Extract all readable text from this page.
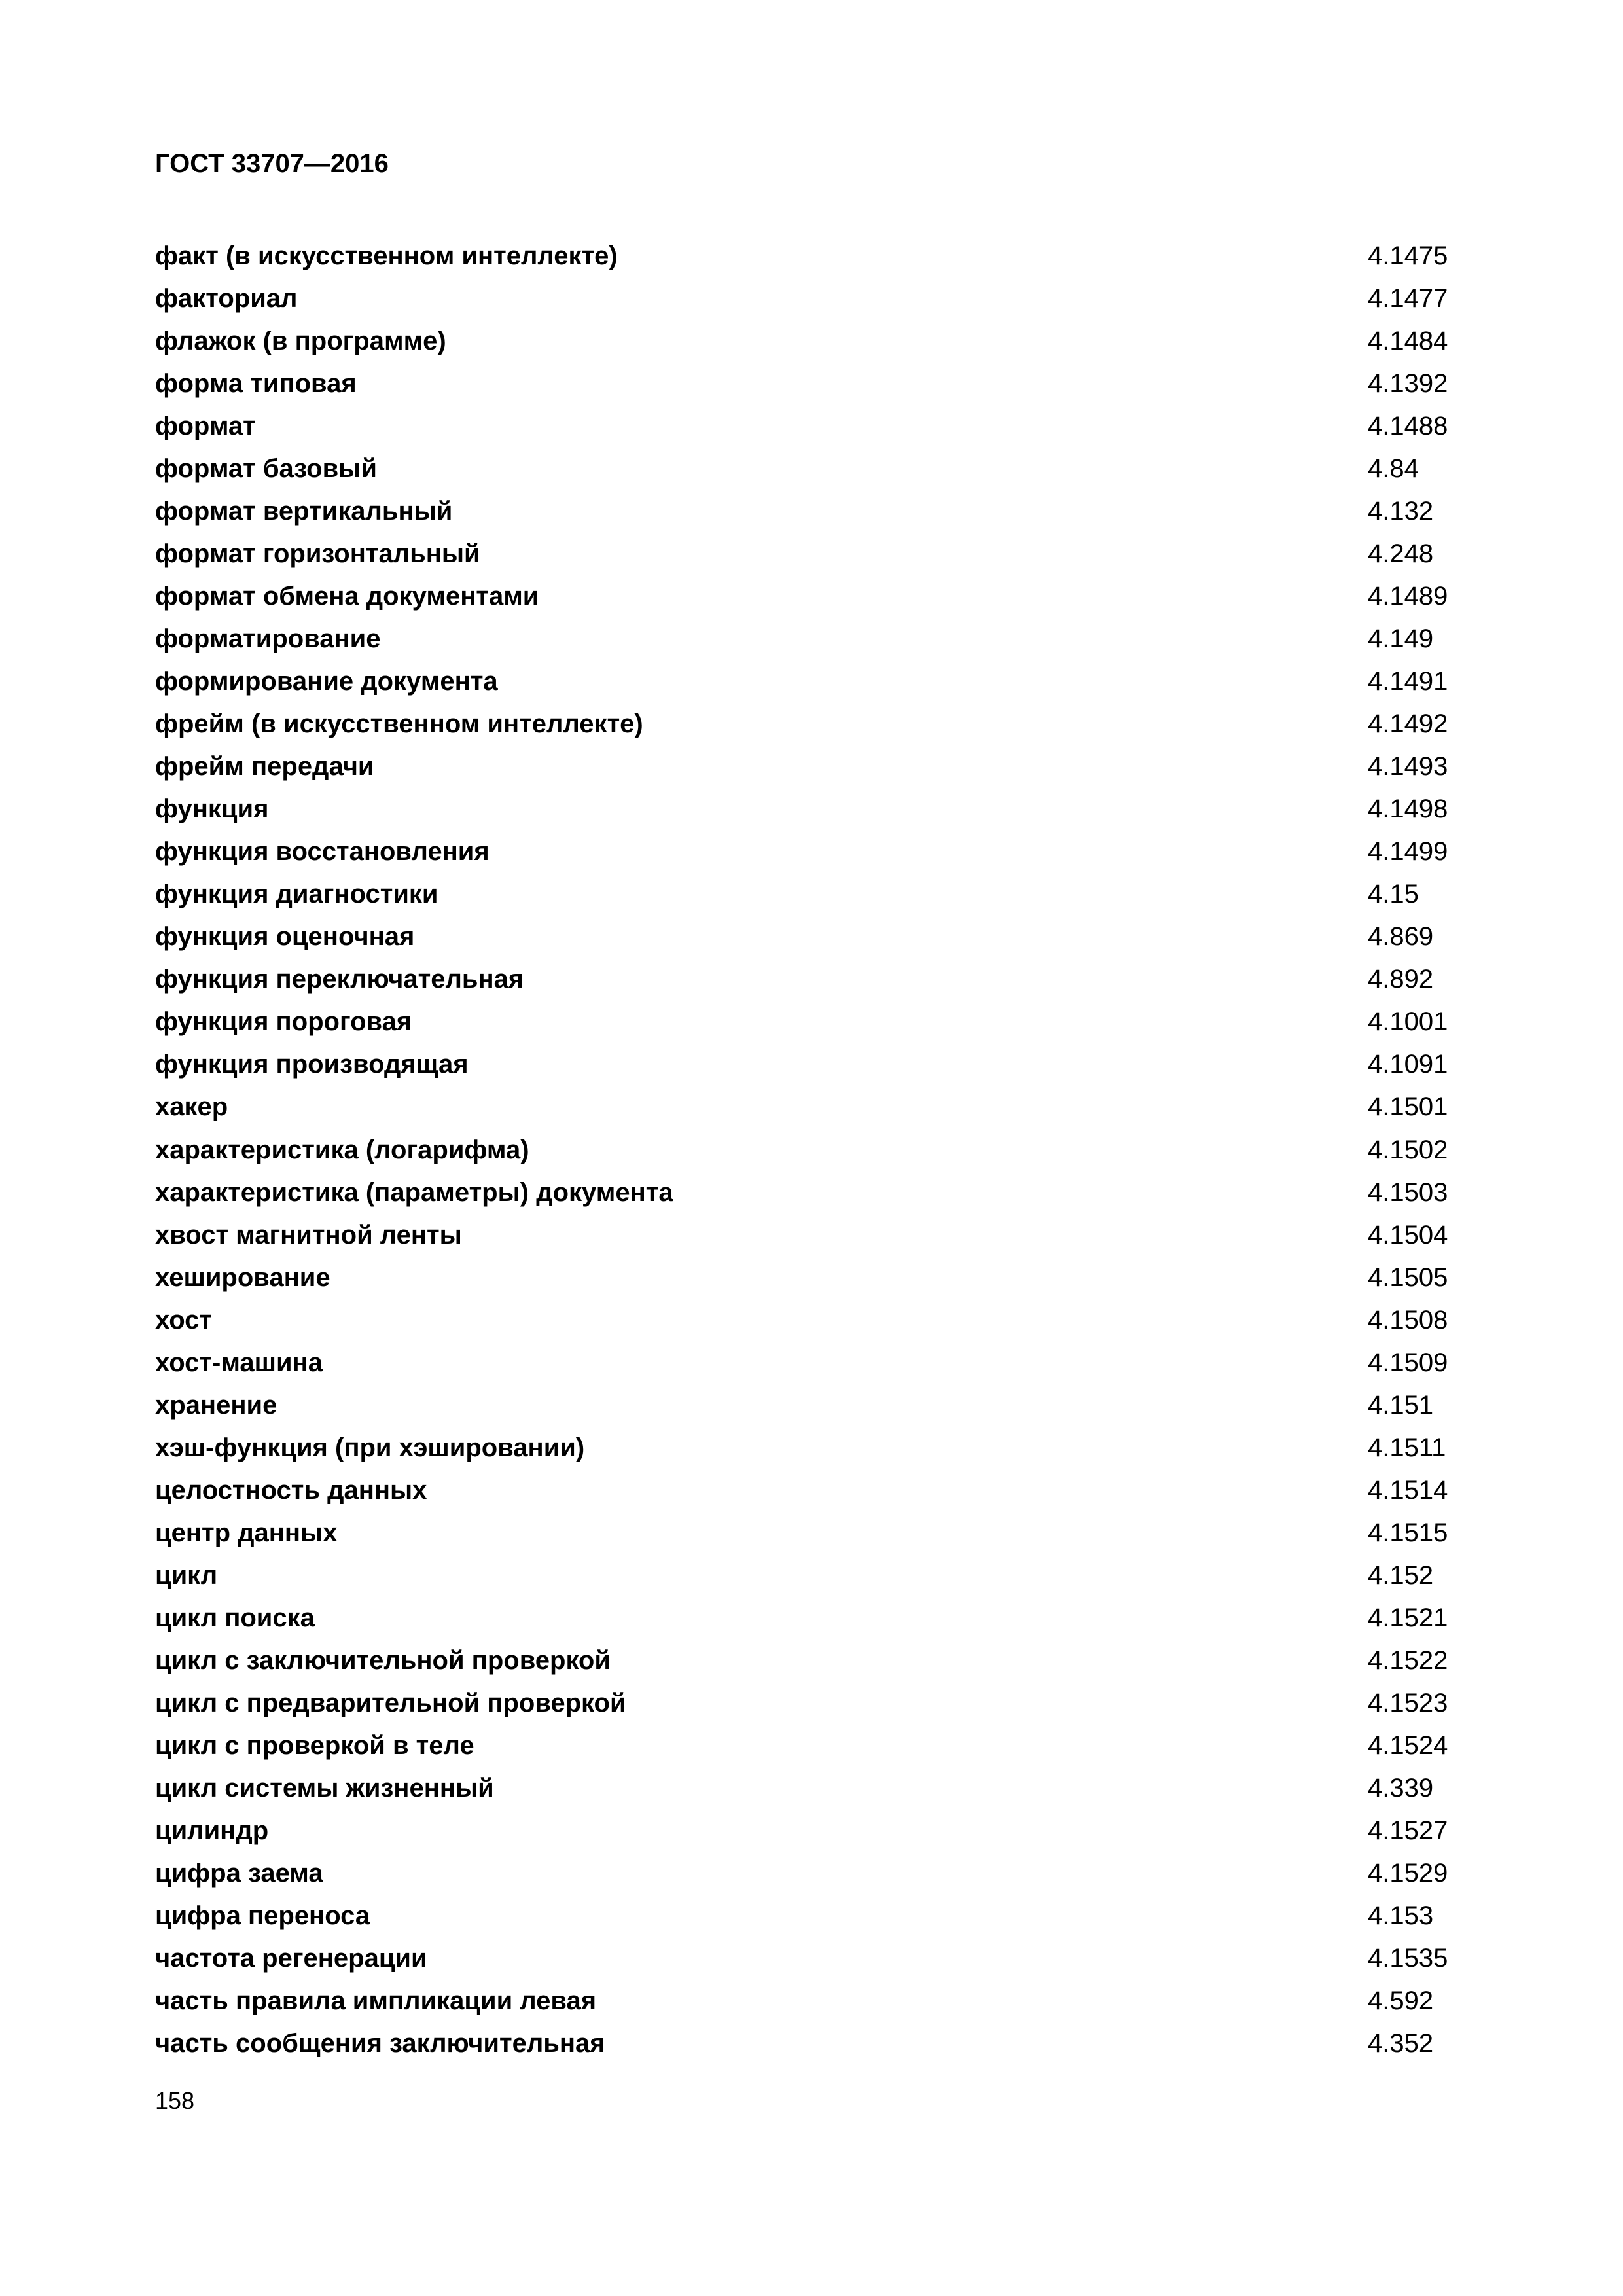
ГОСТ 33707—2016
факт (в искусственном интеллекте)	4.1475
факториал	4.1477
флажок (в программе)	4.1484
форма типовая	4.1392
формат	4.1488
формат базовый	4.84
формат вертикальный	4.132
формат горизонтальный	4.248
формат обмена документами	4.1489
форматирование	4.149
формирование документа	4.1491
фрейм (в искусственном интеллекте)	4.1492
фрейм передачи	4.1493
функция	4.1498
функция восстановления	4.1499
функция диагностики	4.15
функция оценочная	4.869
функция переключательная	4.892
функция пороговая	4.1001
функция производящая	4.1091
хакер	4.1501
характеристика (логарифма)	4.1502
характеристика (параметры) документа	4.1503
хвост магнитной ленты	4.1504
хеширование	4.1505
хост	4.1508
хост-машина	4.1509
хранение	4.151
хэш-функция (при хэшировании)	4.1511
целостность данных	4.1514
центр данных	4.1515
цикл	4.152
цикл поиска	4.1521
цикл с заключительной проверкой	4.1522
цикл с предварительной проверкой	4.1523
цикл с проверкой в теле	4.1524
цикл системы жизненный	4.339
цилиндр	4.1527
цифра заема	4.1529
цифра переноса	4.153
частота регенерации	4.1535
часть правила импликации левая	4.592
часть сообщения заключительная	4.352
158
